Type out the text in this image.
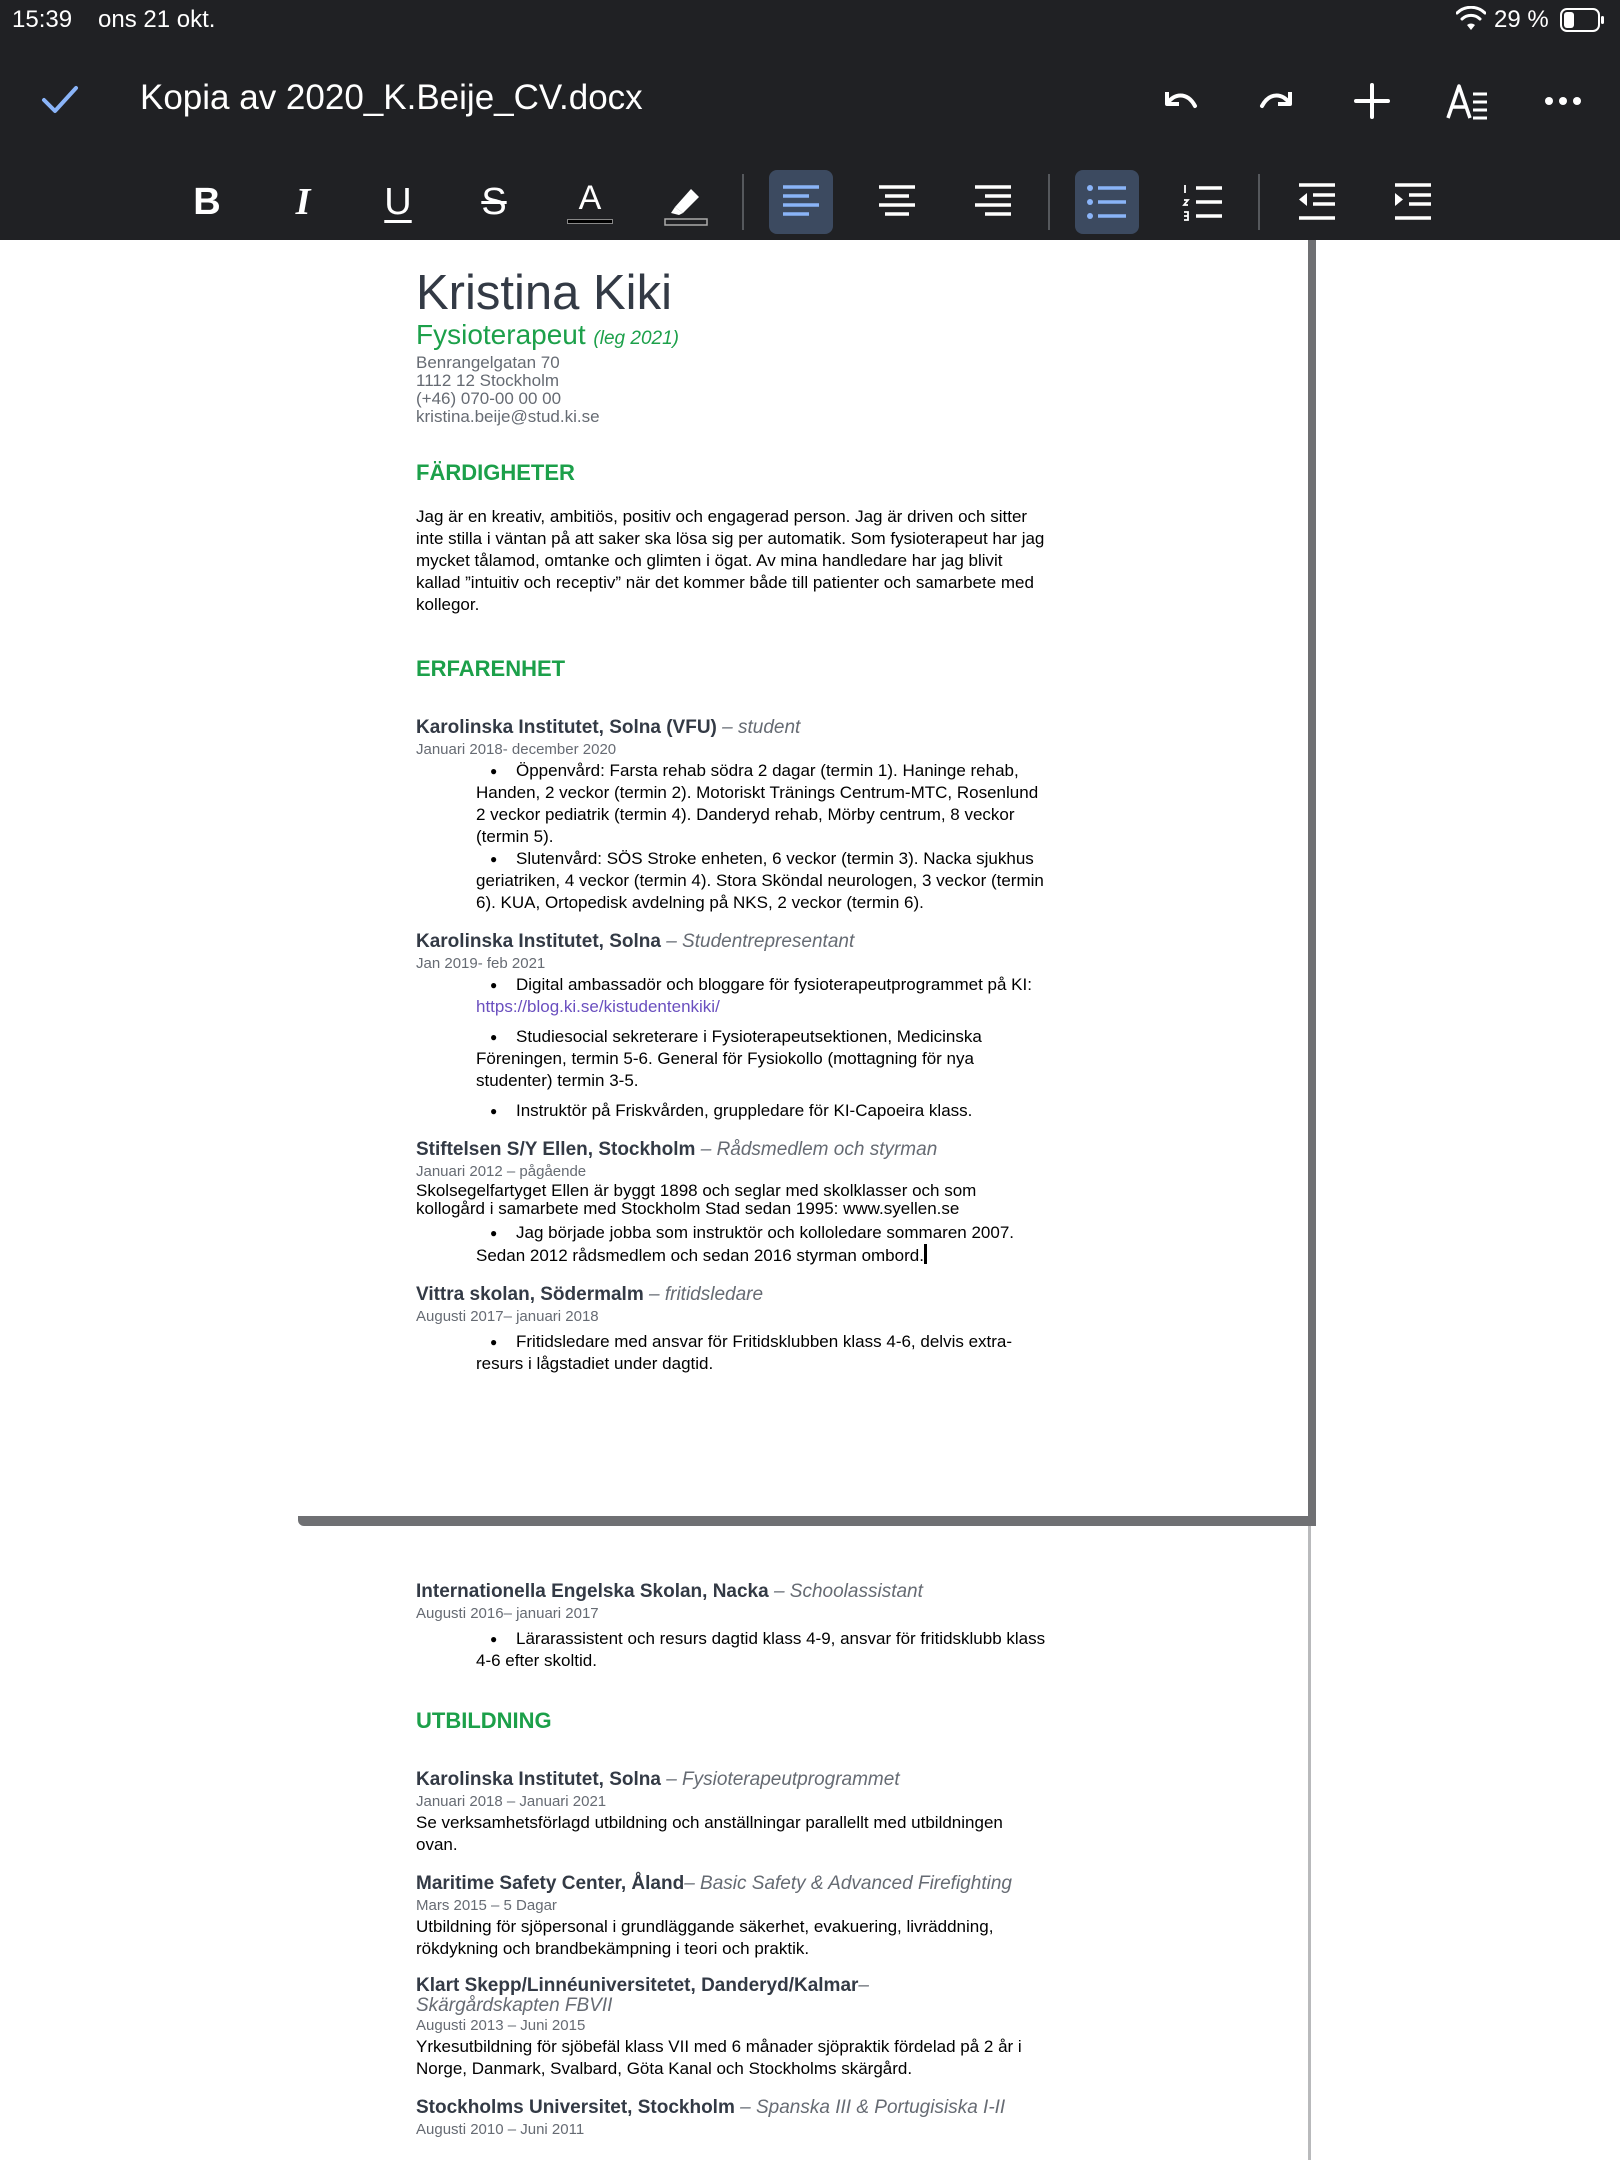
15:39 ons 21 okt.	29 %
Kopia av 2020_K.Beije_CV.docx
B I U S A
Kristina Kiki
Fysioterapeut (leg 2021)
Benrangelgatan 70
1112 12 Stockholm
(+46) 070-00 00 00
kristina.beije@stud.ki.se
FÄRDIGHETER

Jag är en kreativ, ambitiös, positiv och engagerad person. Jag är driven och sitter inte stilla i väntan på att saker ska lösa sig per automatik. Som fysioterapeut har jag mycket tålamod, omtanke och glimten i ögat. Av mina handledare har jag blivit kallad ”intuitiv och receptiv” när det kommer både till patienter och samarbete med kollegor.

ERFARENHET
Karolinska Institutet, Solna (VFU) – student
Januari 2018- december 2020
● Öppenvård: Farsta rehab södra 2 dagar (termin 1). Haninge rehab, Handen, 2 veckor (termin 2). Motoriskt Tränings Centrum-MTC, Rosenlund 2 veckor pediatrik (termin 4). Danderyd rehab, Mörby centrum, 8 veckor (termin 5).
● Slutenvård: SÖS Stroke enheten, 6 veckor (termin 3). Nacka sjukhus geriatriken, 4 veckor (termin 4). Stora Sköndal neurologen, 3 veckor (termin 6). KUA, Ortopedisk avdelning på NKS, 2 veckor (termin 6).
Karolinska Institutet, Solna – Studentrepresentant
Jan 2019- feb 2021
● Digital ambassadör och bloggare för fysioterapeutprogrammet på KI: https://blog.ki.se/kistudentenkiki/
● Studiesocial sekreterare i Fysioterapeutsektionen, Medicinska Föreningen, termin 5-6. General för Fysiokollo (mottagning för nya studenter) termin 3-5.
● Instruktör på Friskvården, gruppledare för KI-Capoeira klass.
Stiftelsen S/Y Ellen, Stockholm – Rådsmedlem och styrman
Januari 2012 – pågående

Skolsegelfartyget Ellen är byggt 1898 och seglar med skolklasser och som kollogård i samarbete med Stockholm Stad sedan 1995: www.syellen.se

● Jag började jobba som instruktör och kolloledare sommaren 2007. Sedan 2012 rådsmedlem och sedan 2016 styrman ombord.
Vittra skolan, Södermalm – fritidsledare
Augusti 2017– januari 2018
● Fritidsledare med ansvar för Fritidsklubben klass 4-6, delvis extra-resurs i lågstadiet under dagtid.
Internationella Engelska Skolan, Nacka – Schoolassistant
Augusti 2016– januari 2017
● Lärarassistent och resurs dagtid klass 4-9, ansvar för fritidsklubb klass 4-6 efter skoltid.
UTBILDNING
Karolinska Institutet, Solna – Fysioterapeutprogrammet
Januari 2018 – Januari 2021

Se verksamhetsförlagd utbildning och anställningar parallellt med utbildningen ovan.

Maritime Safety Center, Åland– Basic Safety & Advanced Firefighting
Mars 2015 – 5 Dagar

Utbildning för sjöpersonal i grundläggande säkerhet, evakuering, livräddning, rökdykning och brandbekämpning i teori och praktik.

Klart Skepp/Linnéuniversitetet, Danderyd/Kalmar– Skärgårdskapten FBVII
Augusti 2013 – Juni 2015

Yrkesutbildning för sjöbefäl klass VII med 6 månader sjöpraktik fördelad på 2 år i Norge, Danmark, Svalbard, Göta Kanal och Stockholms skärgård.

Stockholms Universitet, Stockholm – Spanska III & Portugisiska I-II
Augusti 2010 – Juni 2011
